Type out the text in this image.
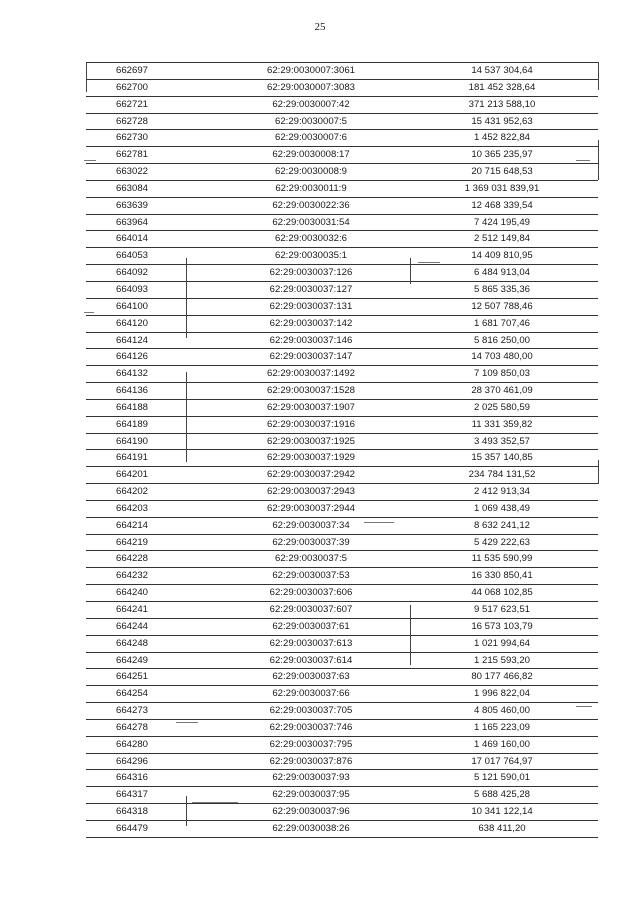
25
662697	62:29:0030007:3061	14 537 304,64
662700	62:29:0030007:3083	181 452 328,64
662721	62:29:0030007:42	371 213 588,10
662728	62:29:0030007:5	15 431 952,63
662730	62:29:0030007:6	1 452 822,84
662781	62:29:0030008:17	10 365 235,97
663022	62:29:0030008:9	20 715 648,53
663084	62:29:0030011:9	1 369 031 839,91
663639	62:29:0030022:36	12 468 339,54
663964	62:29:0030031:54	7 424 195,49
664014	62:29:0030032:6	2 512 149,84
664053	62:29:0030035:1	14 409 810,95
664092	62:29:0030037:126	6 484 913,04
664093	62:29:0030037:127	5 865 335,36
664100	62:29:0030037:131	12 507 788,46
664120	62:29:0030037:142	1 681 707,46
664124	62:29:0030037:146	5 816 250,00
664126	62:29:0030037:147	14 703 480,00
664132	62:29:0030037:1492	7 109 850,03
664136	62:29:0030037:1528	28 370 461,09
664188	62:29:0030037:1907	2 025 580,59
664189	62:29:0030037:1916	11 331 359,82
664190	62:29:0030037:1925	3 493 352,57
664191	62:29:0030037:1929	15 357 140,85
664201	62:29:0030037:2942	234 784 131,52
664202	62:29:0030037:2943	2 412 913,34
664203	62:29:0030037:2944	1 069 438,49
664214	62:29:0030037:34	8 632 241,12
664219	62:29:0030037:39	5 429 222,63
664228	62:29:0030037:5	11 535 590,99
664232	62:29:0030037:53	16 330 850,41
664240	62:29:0030037:606	44 068 102,85
664241	62:29:0030037:607	9 517 623,51
664244	62:29:0030037:61	16 573 103,79
664248	62:29:0030037:613	1 021 994,64
664249	62:29:0030037:614	1 215 593,20
664251	62:29:0030037:63	80 177 466,82
664254	62:29:0030037:66	1 996 822,04
664273	62:29:0030037:705	4 805 460,00
664278	62:29:0030037:746	1 165 223,09
664280	62:29:0030037:795	1 469 160,00
664296	62:29:0030037:876	17 017 764,97
664316	62:29:0030037:93	5 121 590,01
664317	62:29:0030037:95	5 688 425,28
664318	62:29:0030037:96	10 341 122,14
664479	62:29:0030038:26	638 411,20
